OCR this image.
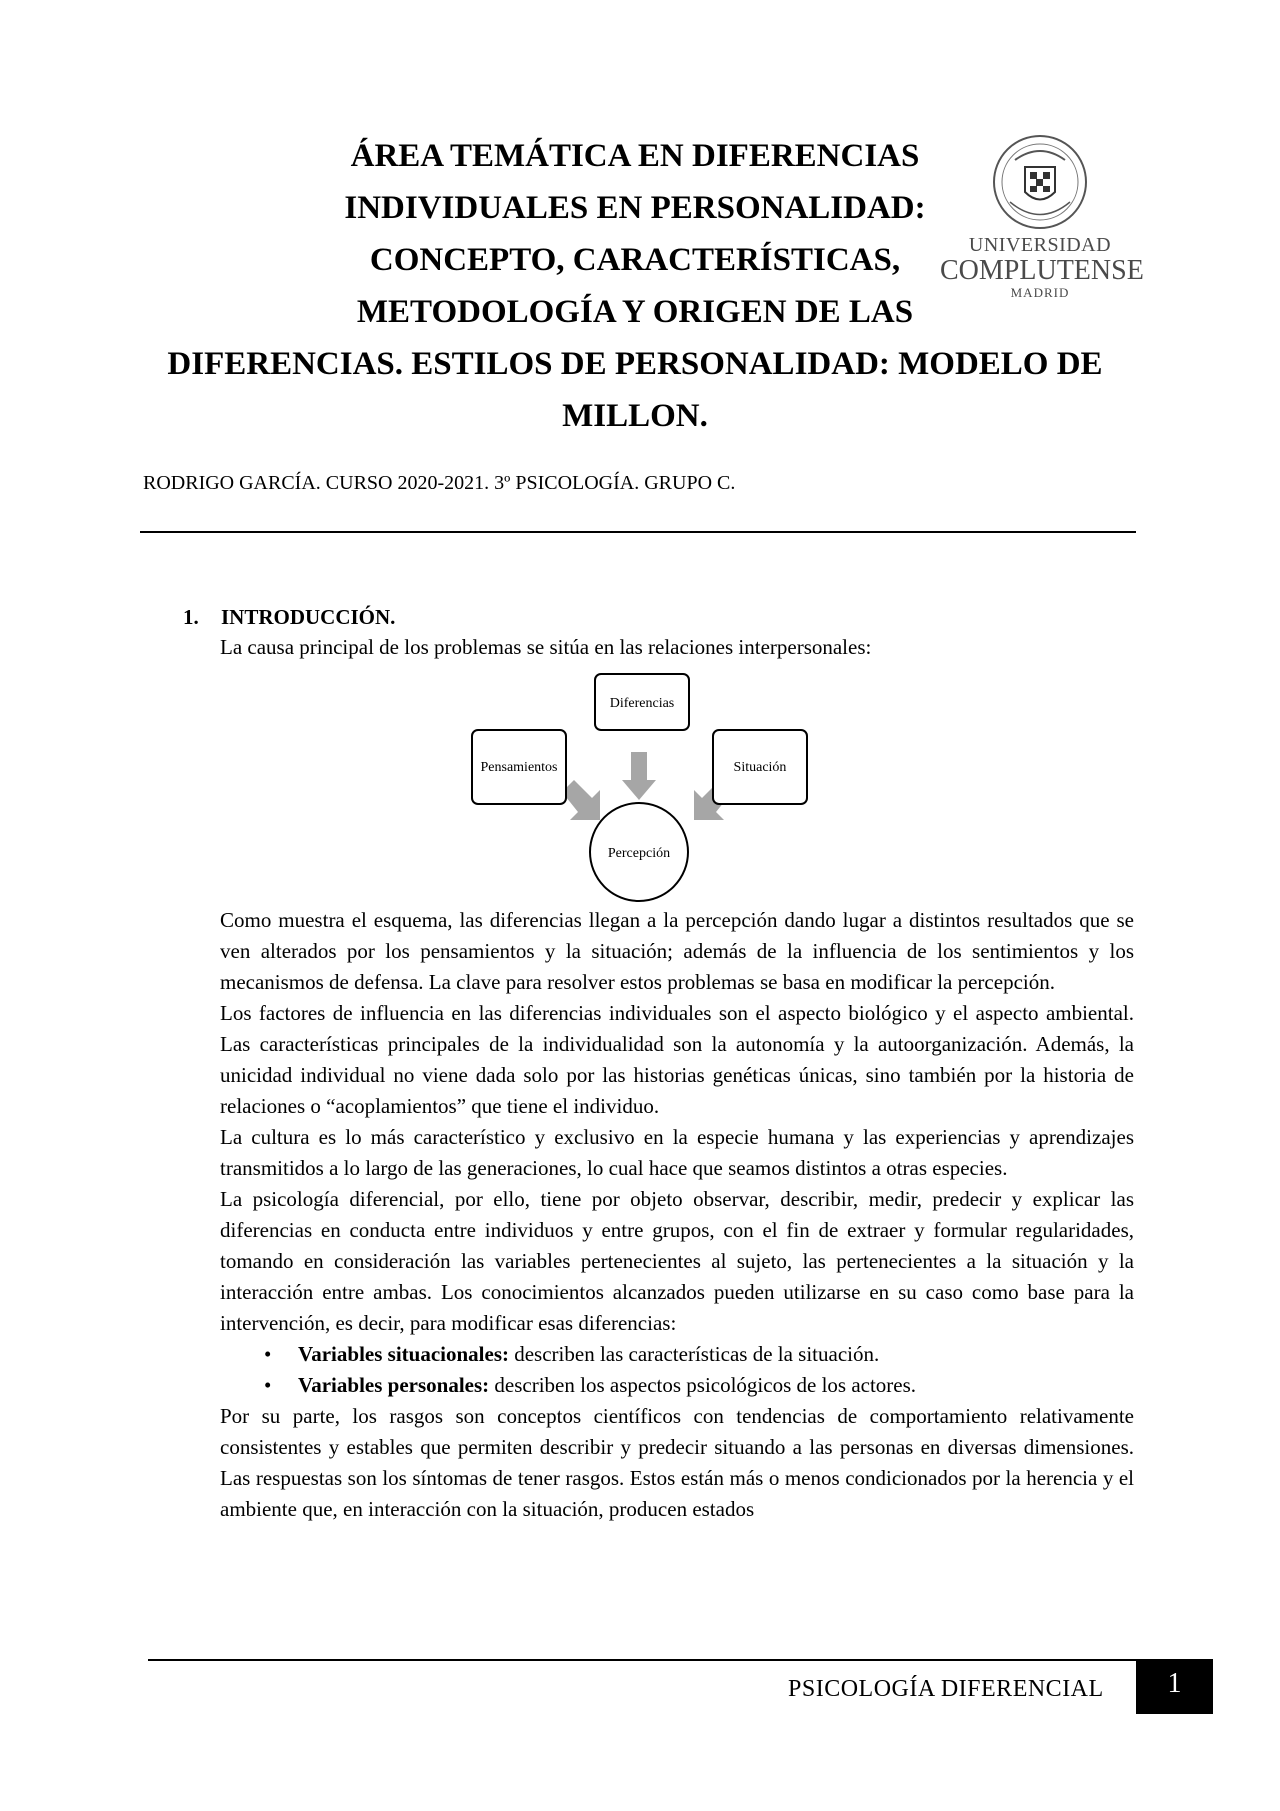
ÁREA TEMÁTICA EN DIFERENCIAS
INDIVIDUALES EN PERSONALIDAD:
CONCEPTO, CARACTERÍSTICAS,
METODOLOGÍA Y ORIGEN DE LAS
DIFERENCIAS. ESTILOS DE PERSONALIDAD: MODELO DE
MILLON.
UNIVERSIDAD
COMPLUTENSE
MADRID
RODRIGO GARCÍA. CURSO 2020-2021. 3º PSICOLOGÍA. GRUPO C.
1. INTRODUCCIÓN.
La causa principal de los problemas se sitúa en las relaciones interpersonales:
Diferencias
Pensamientos	Situación
Percepción

Como muestra el esquema, las diferencias llegan a la percepción dando lugar a distintos resultados que se ven alterados por los pensamientos y la situación; además de la influencia de los sentimientos y los mecanismos de defensa. La clave para resolver estos problemas se basa en modificar la percepción.

Los factores de influencia en las diferencias individuales son el aspecto biológico y el aspecto ambiental. Las características principales de la individualidad son la autonomía y la autoorganización. Además, la unicidad individual no viene dada solo por las historias genéticas únicas, sino también por la historia de relaciones o “acoplamientos” que tiene el individuo.

La cultura es lo más característico y exclusivo en la especie humana y las experiencias y aprendizajes transmitidos a lo largo de las generaciones, lo cual hace que seamos distintos a otras especies.

La psicología diferencial, por ello, tiene por objeto observar, describir, medir, predecir y explicar las diferencias en conducta entre individuos y entre grupos, con el fin de extraer y formular regularidades, tomando en consideración las variables pertenecientes al sujeto, las pertenecientes a la situación y la interacción entre ambas. Los conocimientos alcanzados pueden utilizarse en su caso como base para la intervención, es decir, para modificar esas diferencias:

• Variables situacionales: describen las características de la situación.
• Variables personales: describen los aspectos psicológicos de los actores.

Por su parte, los rasgos son conceptos científicos con tendencias de comportamiento relativamente consistentes y estables que permiten describir y predecir situando a las personas en diversas dimensiones. Las respuestas son los síntomas de tener rasgos. Estos están más o menos condicionados por la herencia y el ambiente que, en interacción con la situación, producen estados

PSICOLOGÍA DIFERENCIAL	1
